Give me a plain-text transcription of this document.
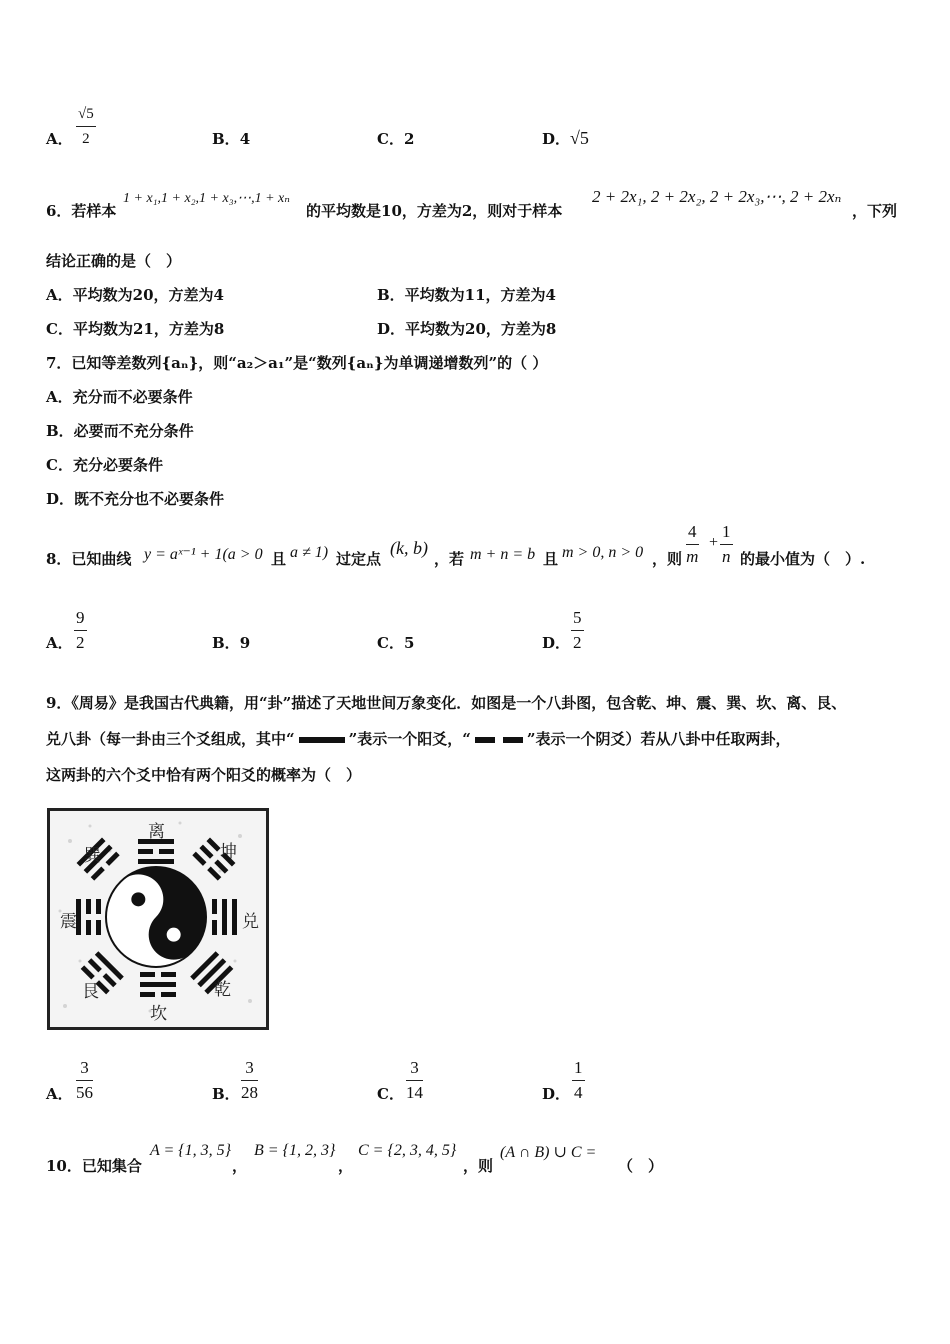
A． $\frac{√5}{2}$	B．4	C．2	D．√5
6．若样本
1 + x₁,1 + x₂,1 + x₃,⋯,1 + xₙ
的平均数是10，方差为2，则对于样本
2 + 2x₁, 2 + 2x₂, 2 + 2x₃,⋯, 2 + 2xₙ
，下列
结论正确的是（　）
A．平均数为20，方差为4	B．平均数为11，方差为4
C．平均数为21，方差为8	D．平均数为20，方差为8
7．已知等差数列{aₙ}，则“a₂＞a₁”是“数列{aₙ}为单调递增数列”的（ ）
A．充分而不必要条件
B．必要而不充分条件
C．充分必要条件
D．既不充分也不必要条件
8．已知曲线 y = aˣ⁻¹ + 1(a > 0 且 a ≠ 1) 过定点
(k, b)
，若 m + n = b 且 m > 0, n > 0 ，则 $\frac{4}{m} + \frac{1}{n}$ 的最小值为（　）.
A． $\frac{9}{2}$	B．9	C．5	D． $\frac{5}{2}$
9．《周易》是我国古代典籍，用“卦”描述了天地世间万象变化．如图是一个八卦图，包含乾、坤、震、巽、坎、离、艮、
兑八卦（每一卦由三个爻组成，其中“	”表示一个阳爻，“	”表示一个阴爻）若从八卦中任取两卦，
这两卦的六个爻中恰有两个阳爻的概率为（　）
离
坤
兑
乾
坎
艮
震
巽
A． $\frac{3}{56}$	B． $\frac{3}{28}$	C． $\frac{3}{14}$	D． $\frac{1}{4}$
10．已知集合
A = {1, 3, 5}
，
B = {1, 2, 3}
，
C = {2, 3, 4, 5}
，则
(A ∩ B) ∪ C =
（　）
